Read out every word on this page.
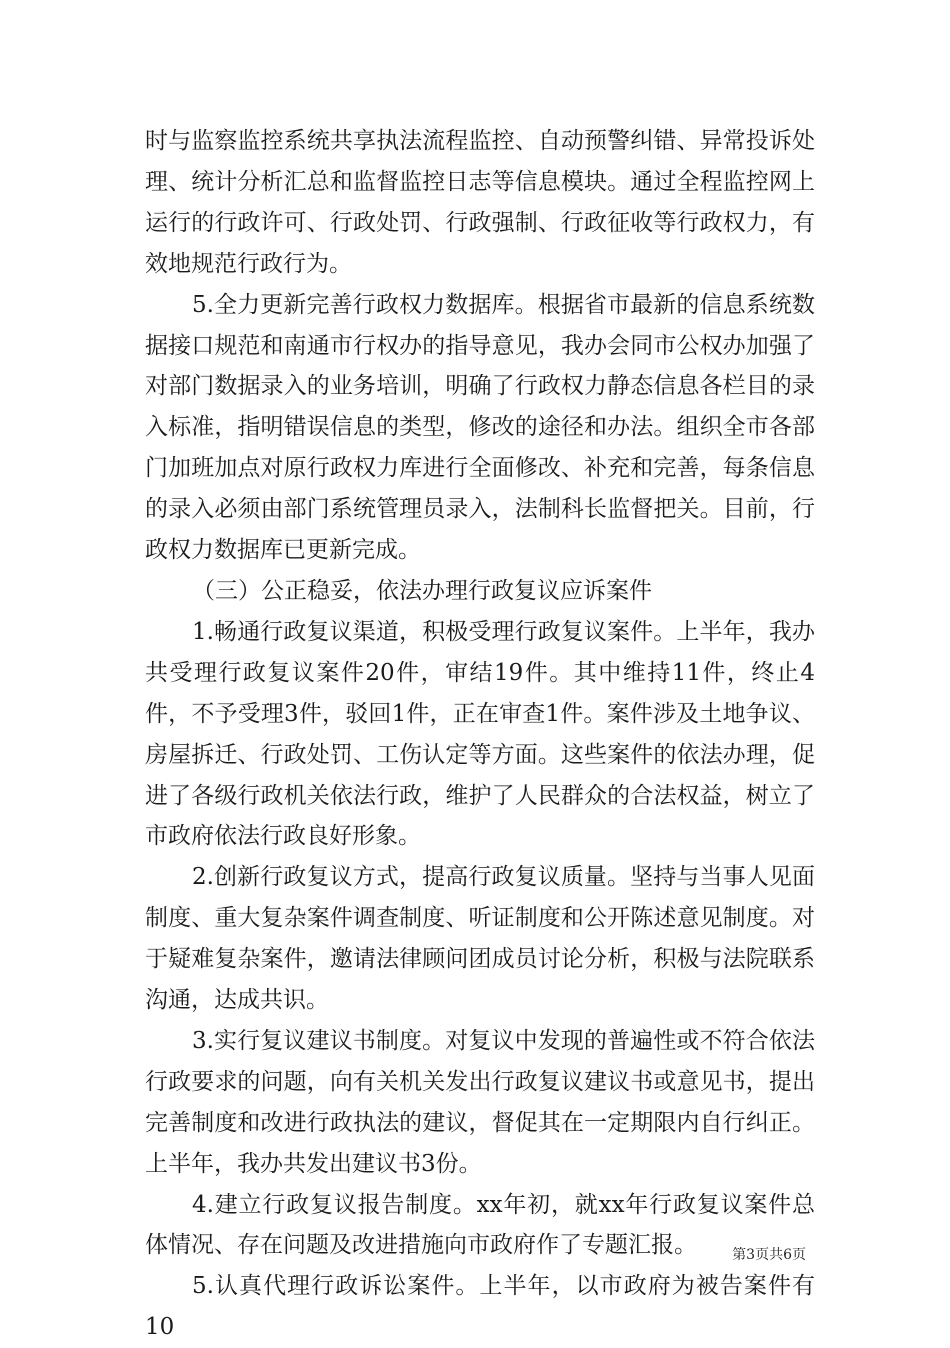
时与监察监控系统共享执法流程监控、自动预警纠错、异常投诉处理、统计分析汇总和监督监控日志等信息模块。通过全程监控网上运行的行政许可、行政处罚、行政强制、行政征收等行政权力，有效地规范行政行为。

5.全力更新完善行政权力数据库。根据省市最新的信息系统数据接口规范和南通市行权办的指导意见，我办会同市公权办加强了对部门数据录入的业务培训，明确了行政权力静态信息各栏目的录入标准，指明错误信息的类型，修改的途径和办法。组织全市各部门加班加点对原行政权力库进行全面修改、补充和完善，每条信息的录入必须由部门系统管理员录入，法制科长监督把关。目前，行政权力数据库已更新完成。

（三）公正稳妥，依法办理行政复议应诉案件

1.畅通行政复议渠道，积极受理行政复议案件。上半年，我办共受理行政复议案件20件，审结19件。其中维持11件，终止4件，不予受理3件，驳回1件，正在审查1件。案件涉及土地争议、房屋拆迁、行政处罚、工伤认定等方面。这些案件的依法办理，促进了各级行政机关依法行政，维护了人民群众的合法权益，树立了市政府依法行政良好形象。

2.创新行政复议方式，提高行政复议质量。坚持与当事人见面制度、重大复杂案件调查制度、听证制度和公开陈述意见制度。对于疑难复杂案件，邀请法律顾问团成员讨论分析，积极与法院联系沟通，达成共识。

3.实行复议建议书制度。对复议中发现的普遍性或不符合依法行政要求的问题，向有关机关发出行政复议建议书或意见书，提出完善制度和改进行政执法的建议，督促其在一定期限内自行纠正。上半年，我办共发出建议书3份。

4.建立行政复议报告制度。xx年初，就xx年行政复议案件总体情况、存在问题及改进措施向市政府作了专题汇报。

5.认真代理行政诉讼案件。上半年，以市政府为被告案件有10

第3页共6页
